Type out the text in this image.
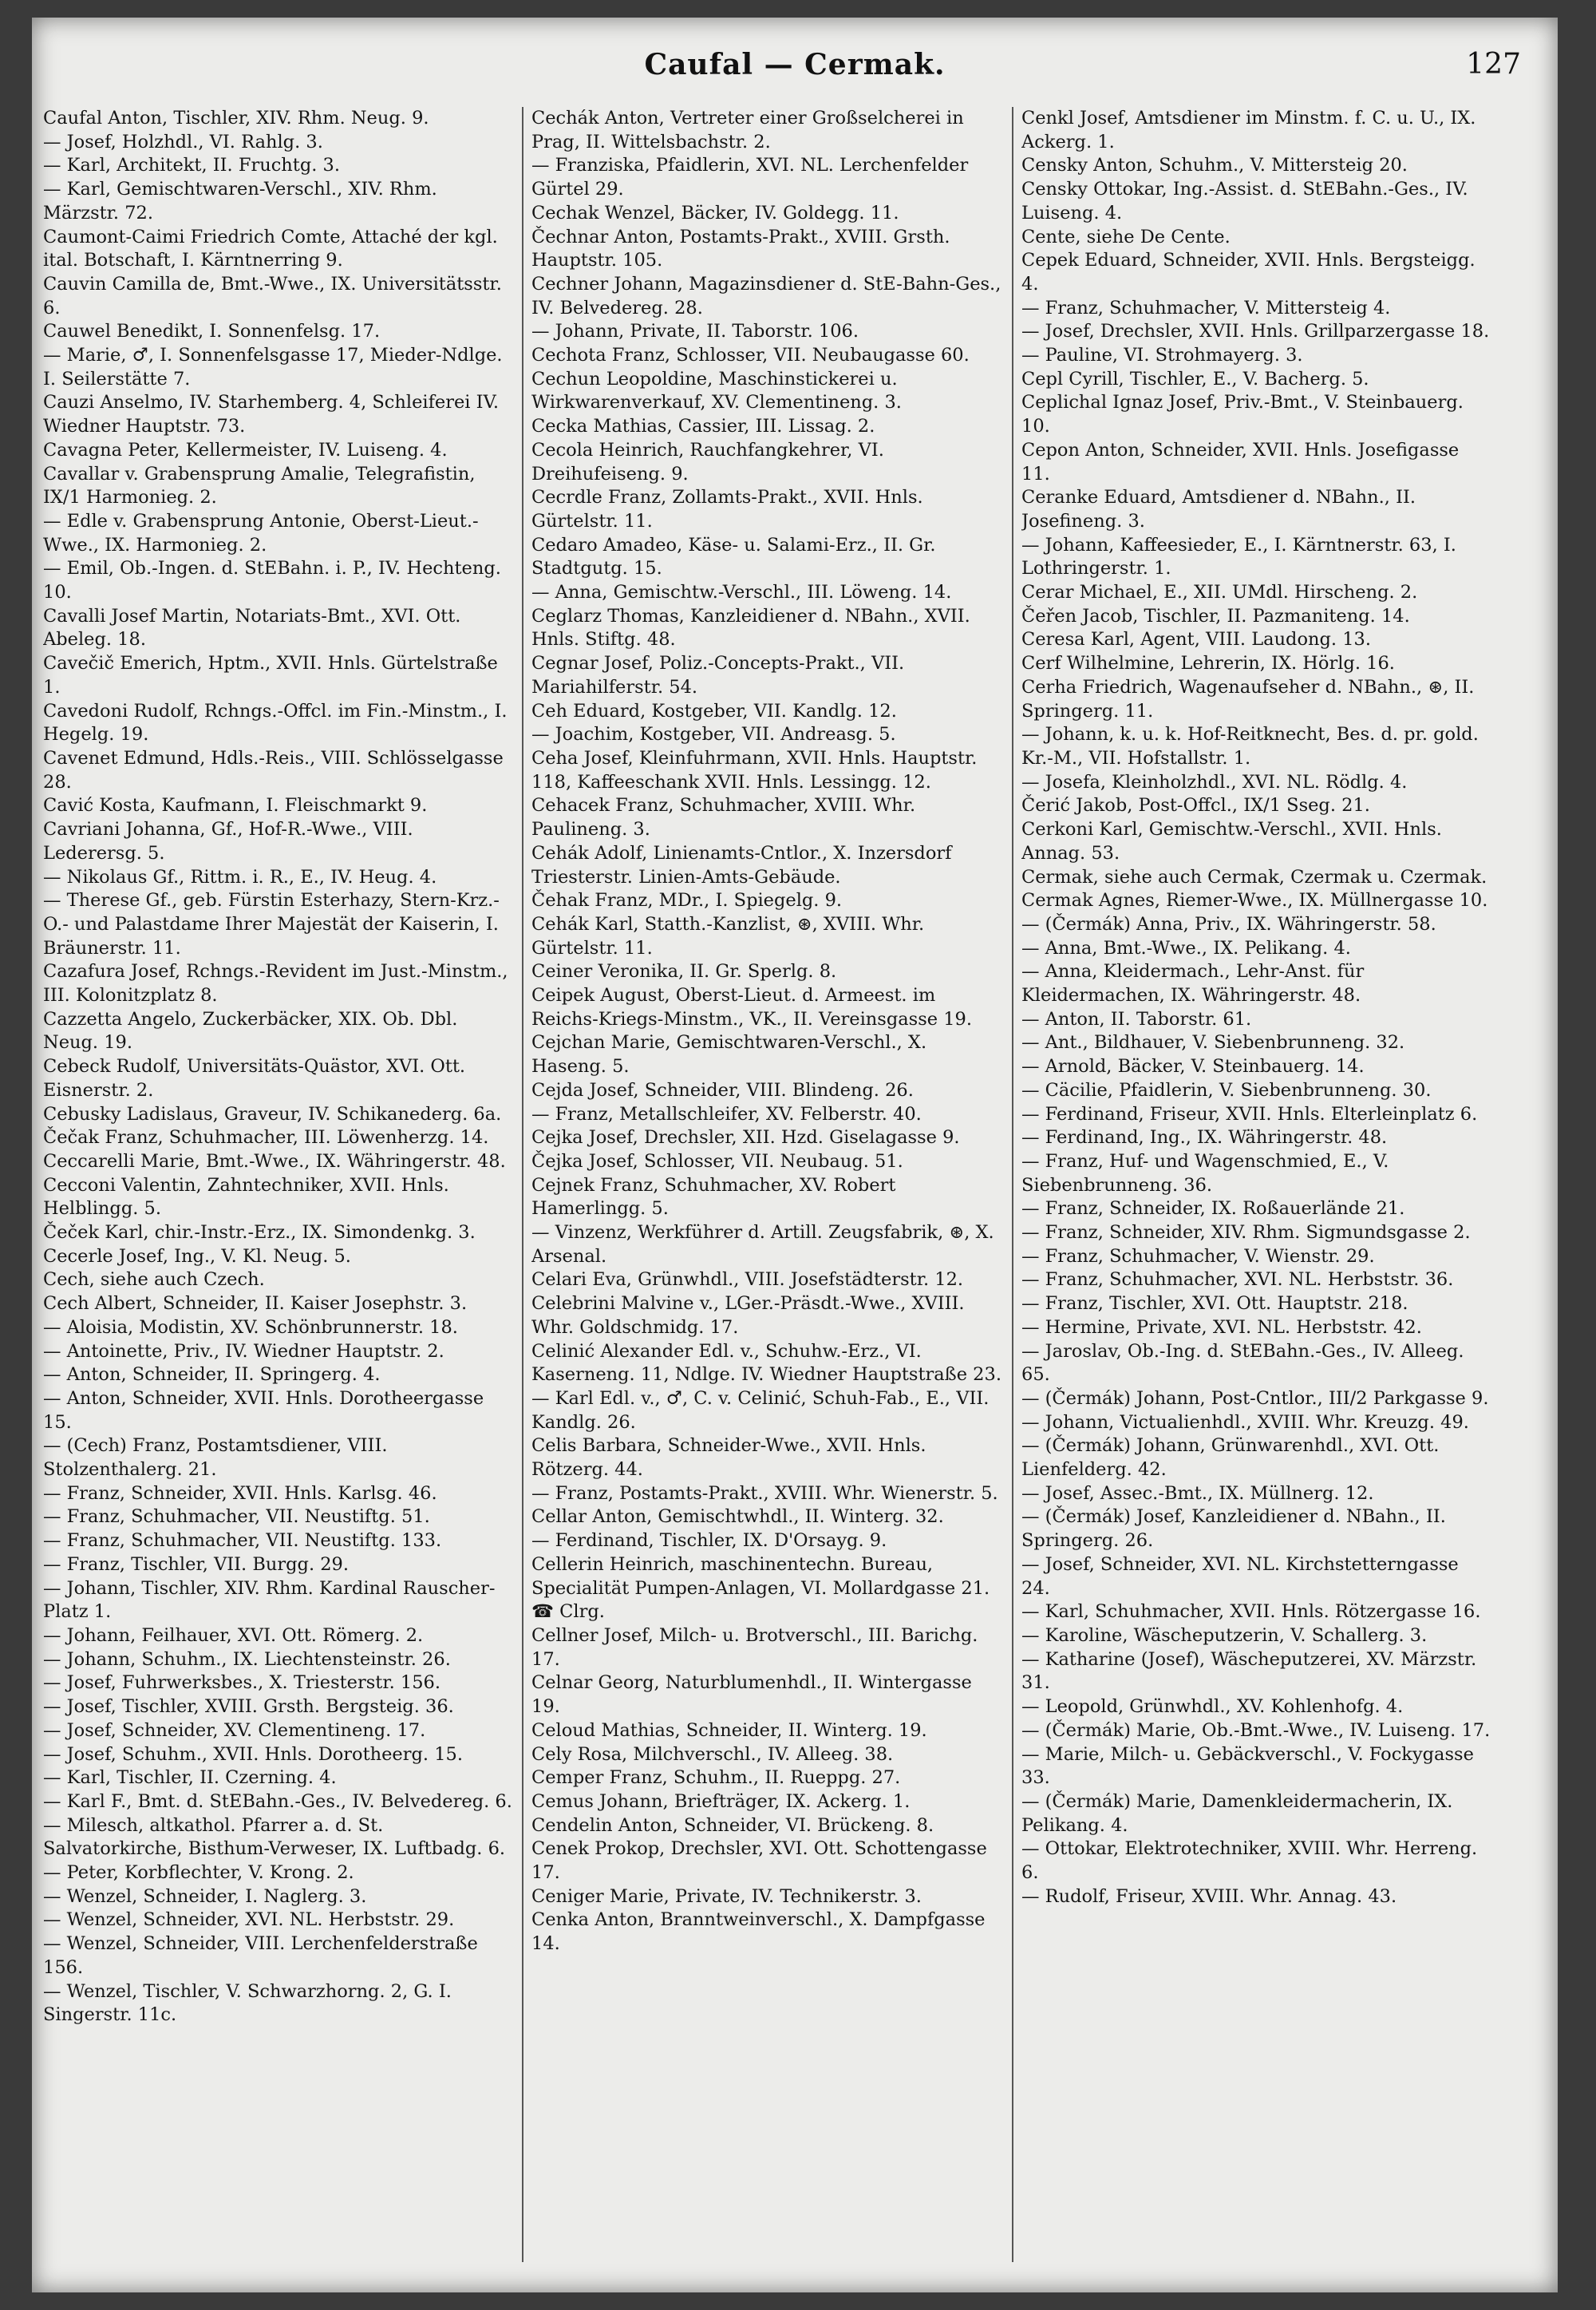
Caufal — Cermak.	127
Caufal Anton, Tischler, XIV. Rhm. Neug. 9.
— Josef, Holzhdl., VI. Rahlg. 3.
— Karl, Architekt, II. Fruchtg. 3.
— Karl, Gemischtwaren-Verschl., XIV. Rhm. Märzstr. 72.
Caumont-Caimi Friedrich Comte, Attaché der kgl. ital. Botschaft, I. Kärntnerring 9.
Cauvin Camilla de, Bmt.-Wwe., IX. Universitätsstr. 6.
Cauwel Benedikt, I. Sonnenfelsg. 17.
— Marie, ♂, I. Sonnenfelsgasse 17, Mieder-Ndlge. I. Seilerstätte 7.
Cauzi Anselmo, IV. Starhemberg. 4, Schleiferei IV. Wiedner Hauptstr. 73.
Cavagna Peter, Kellermeister, IV. Luiseng. 4.
Cavallar v. Grabensprung Amalie, Telegrafistin, IX/1 Harmonieg. 2.
— Edle v. Grabensprung Antonie, Oberst-Lieut.-Wwe., IX. Harmonieg. 2.
— Emil, Ob.-Ingen. d. StEBahn. i. P., IV. Hechteng. 10.
Cavalli Josef Martin, Notariats-Bmt., XVI. Ott. Abeleg. 18.
Cavečič Emerich, Hptm., XVII. Hnls. Gürtelstraße 1.
Cavedoni Rudolf, Rchngs.-Offcl. im Fin.-Minstm., I. Hegelg. 19.
Cavenet Edmund, Hdls.-Reis., VIII. Schlösselgasse 28.
Cavić Kosta, Kaufmann, I. Fleischmarkt 9.
Cavriani Johanna, Gf., Hof-R.-Wwe., VIII. Lederersg. 5.
— Nikolaus Gf., Rittm. i. R., E., IV. Heug. 4.
— Therese Gf., geb. Fürstin Esterhazy, Stern-Krz.-O.- und Palastdame Ihrer Majestät der Kaiserin, I. Bräunerstr. 11.
Cazafura Josef, Rchngs.-Revident im Just.-Minstm., III. Kolonitzplatz 8.
Cazzetta Angelo, Zuckerbäcker, XIX. Ob. Dbl. Neug. 19.
Cebeck Rudolf, Universitäts-Quästor, XVI. Ott. Eisnerstr. 2.
Cebusky Ladislaus, Graveur, IV. Schikanederg. 6a.
Čečak Franz, Schuhmacher, III. Löwenherzg. 14.
Ceccarelli Marie, Bmt.-Wwe., IX. Währingerstr. 48.
Cecconi Valentin, Zahntechniker, XVII. Hnls. Helblingg. 5.
Čeček Karl, chir.-Instr.-Erz., IX. Simondenkg. 3.
Cecerle Josef, Ing., V. Kl. Neug. 5.
Cech, siehe auch Czech.
Cech Albert, Schneider, II. Kaiser Josephstr. 3.
— Aloisia, Modistin, XV. Schönbrunnerstr. 18.
— Antoinette, Priv., IV. Wiedner Hauptstr. 2.
— Anton, Schneider, II. Springerg. 4.
— Anton, Schneider, XVII. Hnls. Dorotheergasse 15.
— (Cech) Franz, Postamtsdiener, VIII. Stolzenthalerg. 21.
— Franz, Schneider, XVII. Hnls. Karlsg. 46.
— Franz, Schuhmacher, VII. Neustiftg. 51.
— Franz, Schuhmacher, VII. Neustiftg. 133.
— Franz, Tischler, VII. Burgg. 29.
— Johann, Tischler, XIV. Rhm. Kardinal Rauscher-Platz 1.
— Johann, Feilhauer, XVI. Ott. Römerg. 2.
— Johann, Schuhm., IX. Liechtensteinstr. 26.
— Josef, Fuhrwerksbes., X. Triesterstr. 156.
— Josef, Tischler, XVIII. Grsth. Bergsteig. 36.
— Josef, Schneider, XV. Clementineng. 17.
— Josef, Schuhm., XVII. Hnls. Dorotheerg. 15.
— Karl, Tischler, II. Czerning. 4.
— Karl F., Bmt. d. StEBahn.-Ges., IV. Belvedereg. 6.
— Milesch, altkathol. Pfarrer a. d. St. Salvatorkirche, Bisthum-Verweser, IX. Luftbadg. 6.
— Peter, Korbflechter, V. Krong. 2.
— Wenzel, Schneider, I. Naglerg. 3.
— Wenzel, Schneider, XVI. NL. Herbststr. 29.
— Wenzel, Schneider, VIII. Lerchenfelderstraße 156.
— Wenzel, Tischler, V. Schwarzhorng. 2, G. I. Singerstr. 11c.
Cechák Anton, Vertreter einer Großselcherei in Prag, II. Wittelsbachstr. 2.
— Franziska, Pfaidlerin, XVI. NL. Lerchenfelder Gürtel 29.
Cechak Wenzel, Bäcker, IV. Goldegg. 11.
Čechnar Anton, Postamts-Prakt., XVIII. Grsth. Hauptstr. 105.
Cechner Johann, Magazinsdiener d. StE-Bahn-Ges., IV. Belvedereg. 28.
— Johann, Private, II. Taborstr. 106.
Cechota Franz, Schlosser, VII. Neubaugasse 60.
Cechun Leopoldine, Maschinstickerei u. Wirkwarenverkauf, XV. Clementineng. 3.
Cecka Mathias, Cassier, III. Lissag. 2.
Cecola Heinrich, Rauchfangkehrer, VI. Dreihufeiseng. 9.
Cecrdle Franz, Zollamts-Prakt., XVII. Hnls. Gürtelstr. 11.
Cedaro Amadeo, Käse- u. Salami-Erz., II. Gr. Stadtgutg. 15.
— Anna, Gemischtw.-Verschl., III. Löweng. 14.
Ceglarz Thomas, Kanzleidiener d. NBahn., XVII. Hnls. Stiftg. 48.
Cegnar Josef, Poliz.-Concepts-Prakt., VII. Mariahilferstr. 54.
Ceh Eduard, Kostgeber, VII. Kandlg. 12.
— Joachim, Kostgeber, VII. Andreasg. 5.
Ceha Josef, Kleinfuhrmann, XVII. Hnls. Hauptstr. 118, Kaffeeschank XVII. Hnls. Lessingg. 12.
Cehacek Franz, Schuhmacher, XVIII. Whr. Paulineng. 3.
Cehák Adolf, Linienamts-Cntlor., X. Inzersdorf Triesterstr. Linien-Amts-Gebäude.
Čehak Franz, MDr., I. Spiegelg. 9.
Cehák Karl, Statth.-Kanzlist, ⊛, XVIII. Whr. Gürtelstr. 11.
Ceiner Veronika, II. Gr. Sperlg. 8.
Ceipek August, Oberst-Lieut. d. Armeest. im Reichs-Kriegs-Minstm., VK., II. Vereinsgasse 19.
Cejchan Marie, Gemischtwaren-Verschl., X. Haseng. 5.
Cejda Josef, Schneider, VIII. Blindeng. 26.
— Franz, Metallschleifer, XV. Felberstr. 40.
Cejka Josef, Drechsler, XII. Hzd. Giselagasse 9.
Čejka Josef, Schlosser, VII. Neubaug. 51.
Cejnek Franz, Schuhmacher, XV. Robert Hamerlingg. 5.
— Vinzenz, Werkführer d. Artill. Zeugsfabrik, ⊛, X. Arsenal.
Celari Eva, Grünwhdl., VIII. Josefstädterstr. 12.
Celebrini Malvine v., LGer.-Präsdt.-Wwe., XVIII. Whr. Goldschmidg. 17.
Celinić Alexander Edl. v., Schuhw.-Erz., VI. Kaserneng. 11, Ndlge. IV. Wiedner Hauptstraße 23.
— Karl Edl. v., ♂, C. v. Celinić, Schuh-Fab., E., VII. Kandlg. 26.
Celis Barbara, Schneider-Wwe., XVII. Hnls. Rötzerg. 44.
— Franz, Postamts-Prakt., XVIII. Whr. Wienerstr. 5.
Cellar Anton, Gemischtwhdl., II. Winterg. 32.
— Ferdinand, Tischler, IX. D'Orsayg. 9.
Cellerin Heinrich, maschinentechn. Bureau, Specialität Pumpen-Anlagen, VI. Mollardgasse 21. ☎ Clrg.
Cellner Josef, Milch- u. Brotverschl., III. Barichg. 17.
Celnar Georg, Naturblumenhdl., II. Wintergasse 19.
Celoud Mathias, Schneider, II. Winterg. 19.
Cely Rosa, Milchverschl., IV. Alleeg. 38.
Cemper Franz, Schuhm., II. Rueppg. 27.
Cemus Johann, Briefträger, IX. Ackerg. 1.
Cendelin Anton, Schneider, VI. Brückeng. 8.
Cenek Prokop, Drechsler, XVI. Ott. Schottengasse 17.
Ceniger Marie, Private, IV. Technikerstr. 3.
Cenka Anton, Branntweinverschl., X. Dampfgasse 14.
Cenkl Josef, Amtsdiener im Minstm. f. C. u. U., IX. Ackerg. 1.
Censky Anton, Schuhm., V. Mittersteig 20.
Censky Ottokar, Ing.-Assist. d. StEBahn.-Ges., IV. Luiseng. 4.
Cente, siehe De Cente.
Cepek Eduard, Schneider, XVII. Hnls. Bergsteigg. 4.
— Franz, Schuhmacher, V. Mittersteig 4.
— Josef, Drechsler, XVII. Hnls. Grillparzergasse 18.
— Pauline, VI. Strohmayerg. 3.
Cepl Cyrill, Tischler, E., V. Bacherg. 5.
Ceplichal Ignaz Josef, Priv.-Bmt., V. Steinbauerg. 10.
Cepon Anton, Schneider, XVII. Hnls. Josefigasse 11.
Ceranke Eduard, Amtsdiener d. NBahn., II. Josefineng. 3.
— Johann, Kaffeesieder, E., I. Kärntnerstr. 63, I. Lothringerstr. 1.
Cerar Michael, E., XII. UMdl. Hirscheng. 2.
Čeřen Jacob, Tischler, II. Pazmaniteng. 14.
Ceresa Karl, Agent, VIII. Laudong. 13.
Cerf Wilhelmine, Lehrerin, IX. Hörlg. 16.
Cerha Friedrich, Wagenaufseher d. NBahn., ⊛, II. Springerg. 11.
— Johann, k. u. k. Hof-Reitknecht, Bes. d. pr. gold. Kr.-M., VII. Hofstallstr. 1.
— Josefa, Kleinholzhdl., XVI. NL. Rödlg. 4.
Čerić Jakob, Post-Offcl., IX/1 Sseg. 21.
Cerkoni Karl, Gemischtw.-Verschl., XVII. Hnls. Annag. 53.
Cermak, siehe auch Cermak, Czermak u. Czermak.
Cermak Agnes, Riemer-Wwe., IX. Müllnergasse 10.
— (Čermák) Anna, Priv., IX. Währingerstr. 58.
— Anna, Bmt.-Wwe., IX. Pelikang. 4.
— Anna, Kleidermach., Lehr-Anst. für Kleidermachen, IX. Währingerstr. 48.
— Anton, II. Taborstr. 61.
— Ant., Bildhauer, V. Siebenbrunneng. 32.
— Arnold, Bäcker, V. Steinbauerg. 14.
— Cäcilie, Pfaidlerin, V. Siebenbrunneng. 30.
— Ferdinand, Friseur, XVII. Hnls. Elterleinplatz 6.
— Ferdinand, Ing., IX. Währingerstr. 48.
— Franz, Huf- und Wagenschmied, E., V. Siebenbrunneng. 36.
— Franz, Schneider, IX. Roßauerlände 21.
— Franz, Schneider, XIV. Rhm. Sigmundsgasse 2.
— Franz, Schuhmacher, V. Wienstr. 29.
— Franz, Schuhmacher, XVI. NL. Herbststr. 36.
— Franz, Tischler, XVI. Ott. Hauptstr. 218.
— Hermine, Private, XVI. NL. Herbststr. 42.
— Jaroslav, Ob.-Ing. d. StEBahn.-Ges., IV. Alleeg. 65.
— (Čermák) Johann, Post-Cntlor., III/2 Parkgasse 9.
— Johann, Victualienhdl., XVIII. Whr. Kreuzg. 49.
— (Čermák) Johann, Grünwarenhdl., XVI. Ott. Lienfelderg. 42.
— Josef, Assec.-Bmt., IX. Müllnerg. 12.
— (Čermák) Josef, Kanzleidiener d. NBahn., II. Springerg. 26.
— Josef, Schneider, XVI. NL. Kirchstetterngasse 24.
— Karl, Schuhmacher, XVII. Hnls. Rötzergasse 16.
— Karoline, Wäscheputzerin, V. Schallerg. 3.
— Katharine (Josef), Wäscheputzerei, XV. Märzstr. 31.
— Leopold, Grünwhdl., XV. Kohlenhofg. 4.
— (Čermák) Marie, Ob.-Bmt.-Wwe., IV. Luiseng. 17.
— Marie, Milch- u. Gebäckverschl., V. Fockygasse 33.
— (Čermák) Marie, Damenkleidermacherin, IX. Pelikang. 4.
— Ottokar, Elektrotechniker, XVIII. Whr. Herreng. 6.
— Rudolf, Friseur, XVIII. Whr. Annag. 43.
